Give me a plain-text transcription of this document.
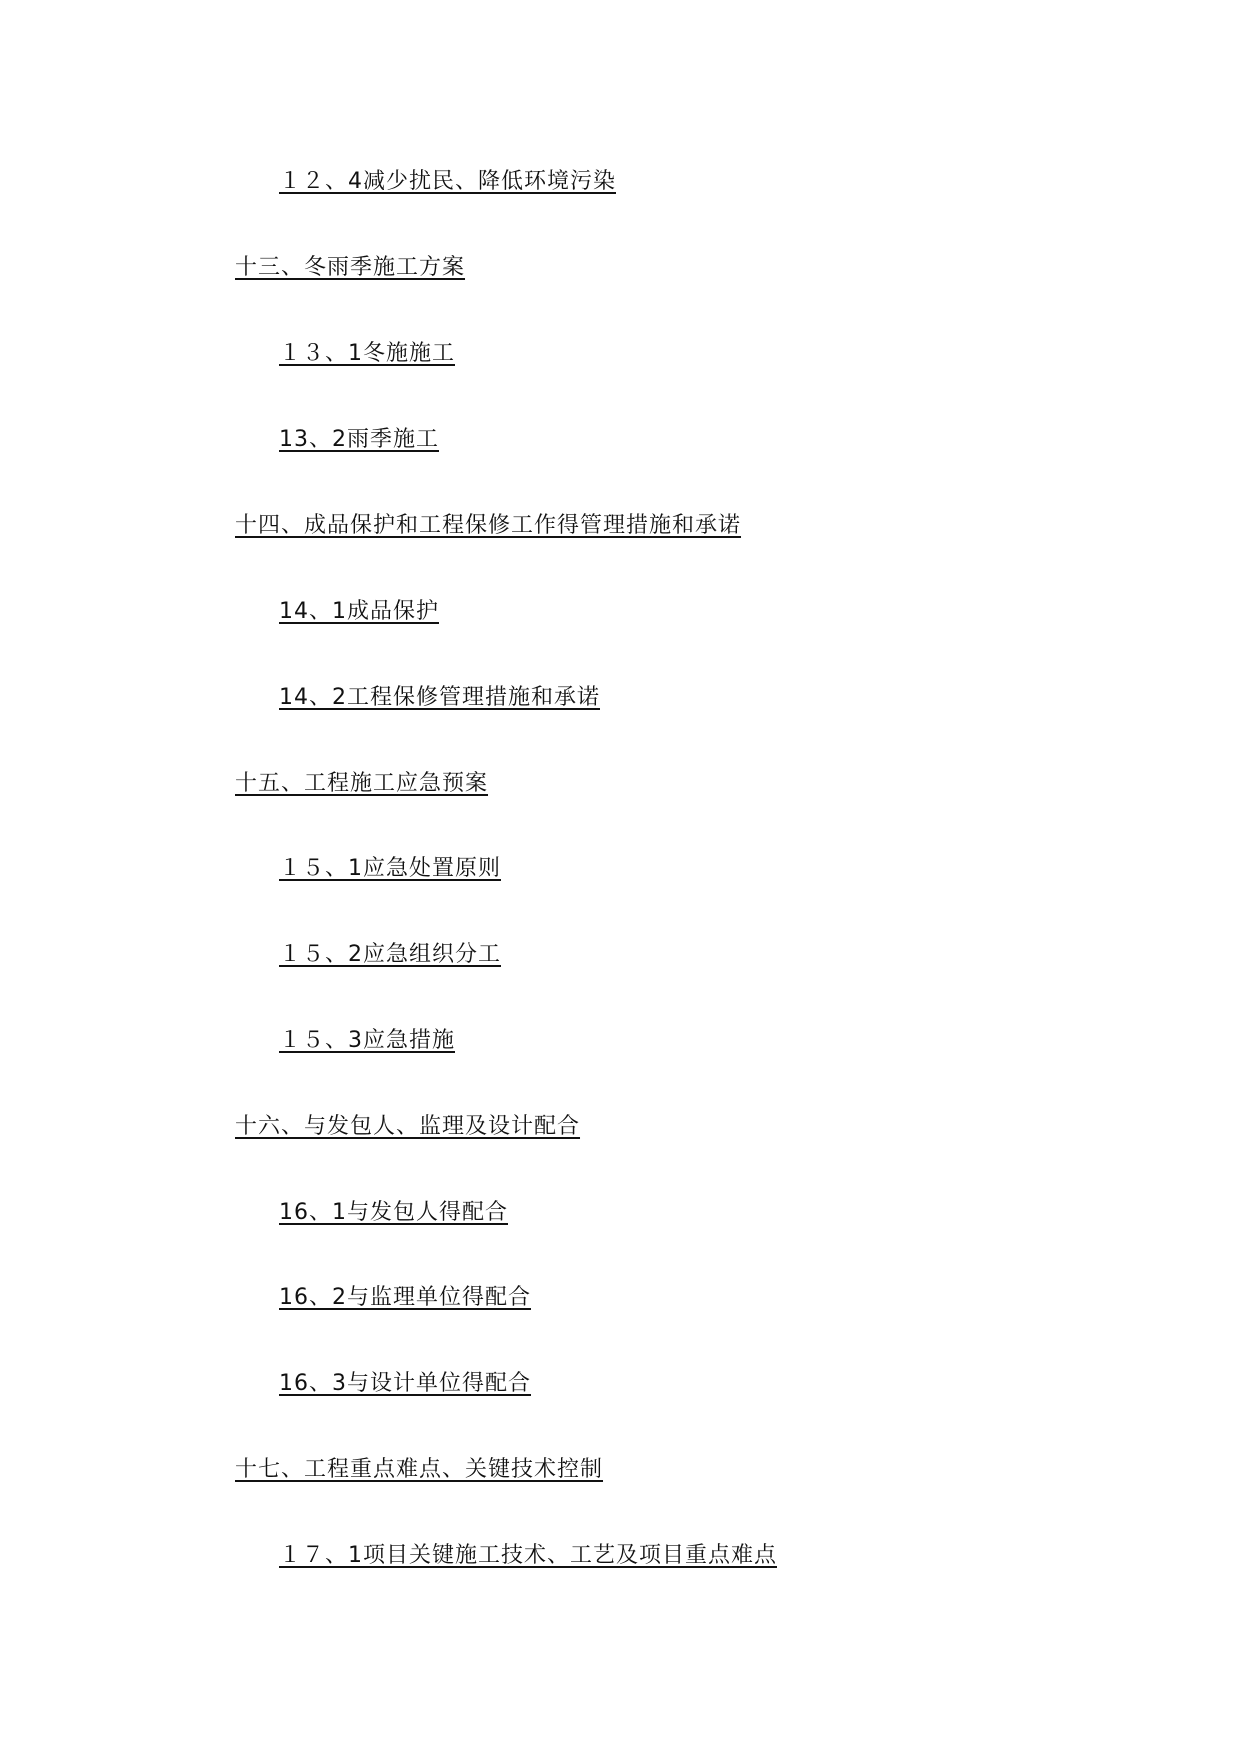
１２、4减少扰民、降低环境污染
十三、冬雨季施工方案
１３、1冬施施工
13、2雨季施工
十四、成品保护和工程保修工作得管理措施和承诺
14、1成品保护
14、2工程保修管理措施和承诺
十五、工程施工应急预案
１５、1应急处置原则
１５、2应急组织分工
１５、3应急措施
十六、与发包人、监理及设计配合
16、1与发包人得配合
16、2与监理单位得配合
16、3与设计单位得配合
十七、工程重点难点、关键技术控制
１７、1项目关键施工技术、工艺及项目重点难点
